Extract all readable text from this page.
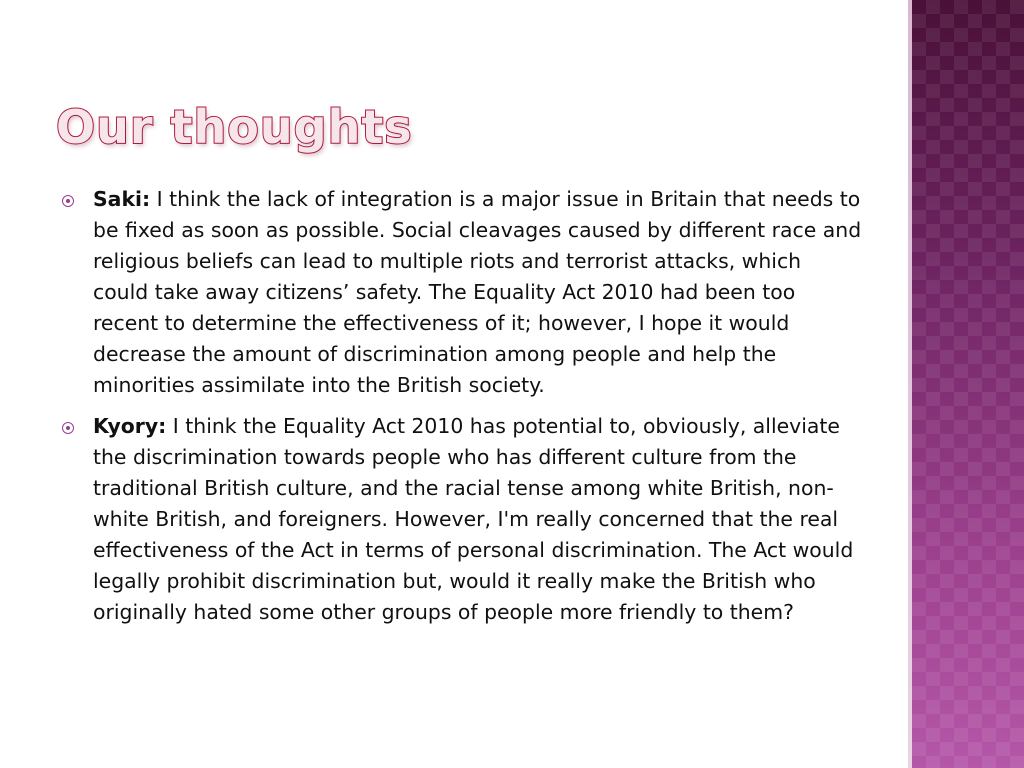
Our thoughts
Saki: I think the lack of integration is a major issue in Britain that needs to be fixed as soon as possible. Social cleavages caused by different race and religious beliefs can lead to multiple riots and terrorist attacks, which could take away citizens’ safety. The Equality Act 2010 had been too recent to determine the effectiveness of it; however, I hope it would decrease the amount of discrimination among people and help the minorities assimilate into the British society.
Kyory: I think the Equality Act 2010 has potential to, obviously, alleviate the discrimination towards people who has different culture from the traditional British culture, and the racial tense among white British, non-white British, and foreigners. However, I'm really concerned that the real effectiveness of the Act in terms of personal discrimination. The Act would legally prohibit discrimination but, would it really make the British who originally hated some other groups of people more friendly to them?
